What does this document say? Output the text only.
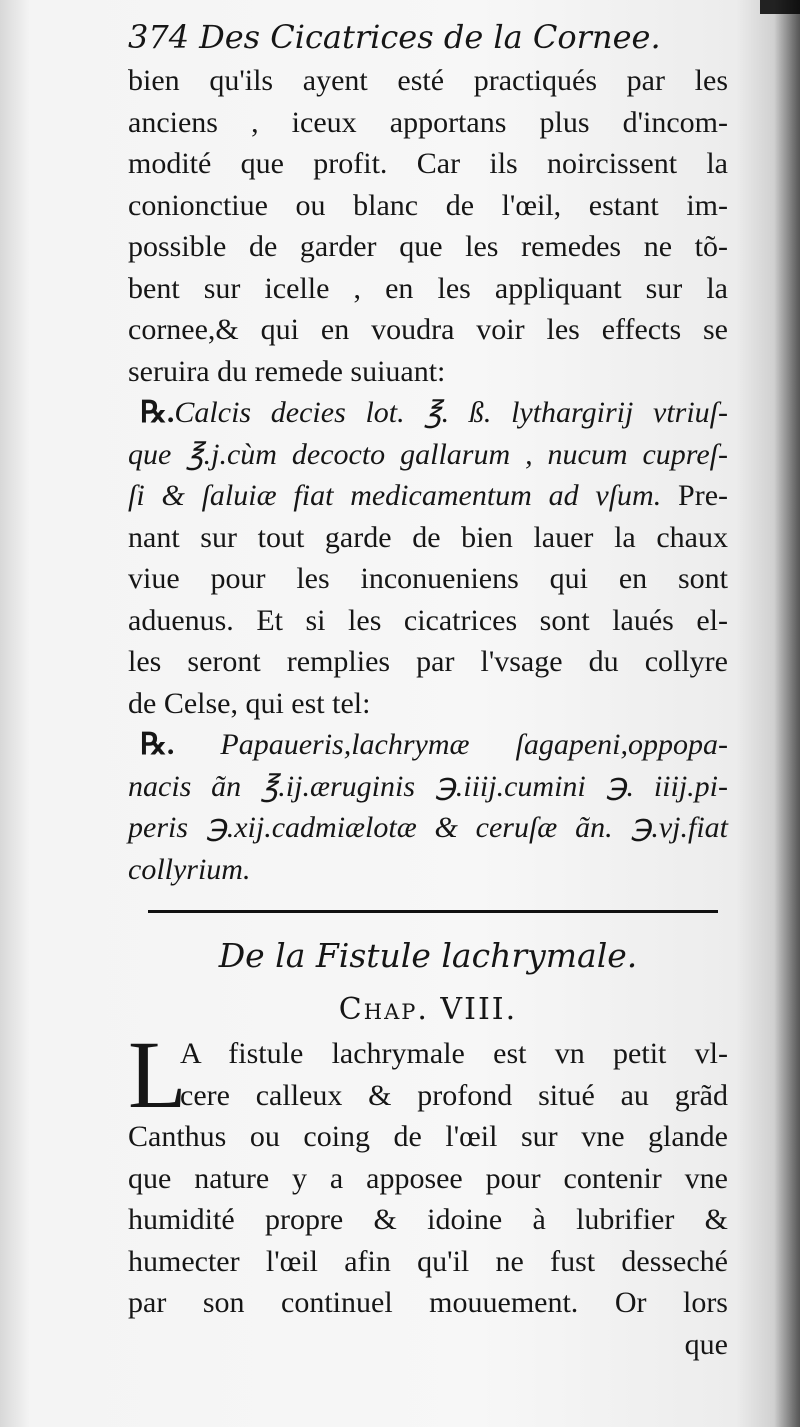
374 Des Cicatrices de la Cornee.
bien qu'ils ayent esté practiqués par les
anciens , iceux apportans plus d'incom-
modité que profit. Car ils noircissent la
conionctiue ou blanc de l'œil, estant im-
possible de garder que les remedes ne tõ-
bent sur icelle , en les appliquant sur la
cornee,& qui en voudra voir les effects se
seruira du remede suiuant:
℞.Calcis decies lot. ℥. ß. lythargirij vtriuſ-
que ℥.j.cùm decocto gallarum , nucum cupreſ-
ſi & ſaluiæ fiat medicamentum ad vſum. Pre-
nant sur tout garde de bien lauer la chaux
viue pour les inconueniens qui en sont
aduenus. Et si les cicatrices sont laués el-
les seront remplies par l'vsage du collyre
de Celse, qui est tel:
℞. Papaueris,lachrymæ ſagapeni,oppopa-
nacis ãn ℥.ij.æruginis ℈.iiij.cumini ℈. iiij.pi-
peris ℈.xij.cadmiælotæ & ceruſæ ãn. ℈.vj.fiat
collyrium.
De la Fistule lachrymale.
Chap. VIII.
L
A fistule lachrymale est vn petit vl-
cere calleux & profond situé au grãd
Canthus ou coing de l'œil sur vne glande
que nature y a apposee pour contenir vne
humidité propre & idoine à lubrifier &
humecter l'œil afin qu'il ne fust desseché
par son continuel mouuement. Or lors
que
